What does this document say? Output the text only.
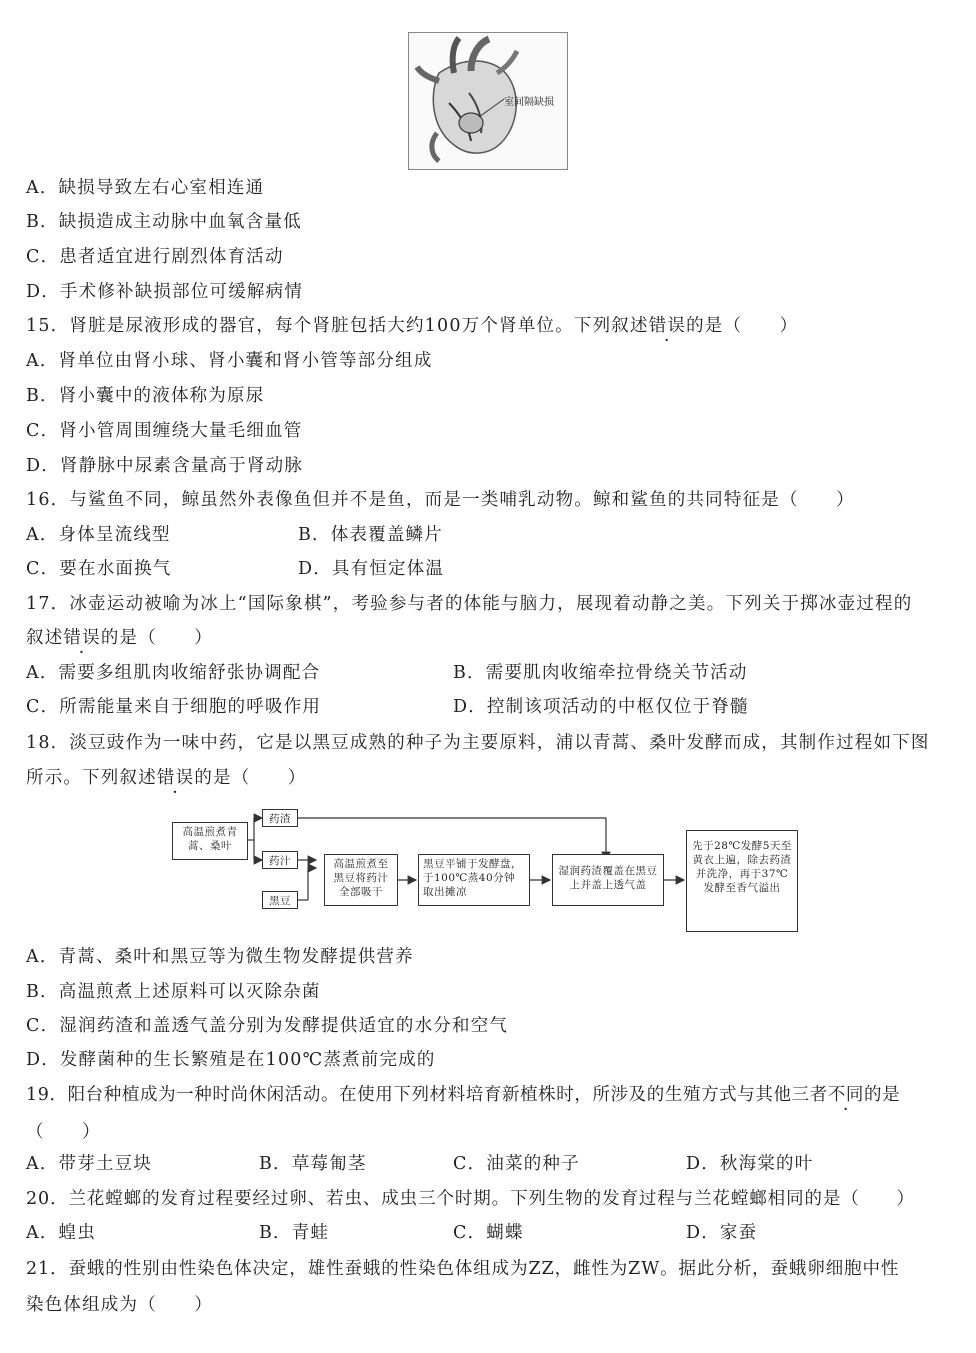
室间隔缺损
A．缺损导致左右心室相连通
B．缺损造成主动脉中血氧含量低
C．患者适宜进行剧烈体育活动
D．手术修补缺损部位可缓解病情
15．肾脏是尿液形成的器官，每个肾脏包括大约100万个肾单位。下列叙述错误的是（　　）
A．肾单位由肾小球、肾小囊和肾小管等部分组成
B．肾小囊中的液体称为原尿
C．肾小管周围缠绕大量毛细血管
D．肾静脉中尿素含量高于肾动脉
16．与鲨鱼不同，鲸虽然外表像鱼但并不是鱼，而是一类哺乳动物。鲸和鲨鱼的共同特征是（　　）
A．身体呈流线型	B．体表覆盖鳞片

C．要在水面换气	D．具有恒定体温

17．冰壶运动被喻为冰上“国际象棋”，考验参与者的体能与脑力，展现着动静之美。下列关于掷冰壶过程的
叙述错误的是（　　）
A．需要多组肌肉收缩舒张协调配合	B．需要肌肉收缩牵拉骨绕关节活动

C．所需能量来自于细胞的呼吸作用	D．控制该项活动的中枢仅位于脊髓

18．淡豆豉作为一味中药，它是以黑豆成熟的种子为主要原料，浦以青蒿、桑叶发酵而成，其制作过程如下图
所示。下列叙述错误的是（　　）
高温煎煮青蒿、桑叶
药渣
药汁
黑豆
高温煎煮至黑豆将药汁全部吸干
黑豆平铺于发酵盘，于100℃蒸40分钟取出摊凉
湿润药渣覆盖在黑豆上并盖上透气盖
先于28℃发酵5天至黄衣上遍，除去药渣并洗净，再于37℃发酵至香气溢出
A．青蒿、桑叶和黑豆等为微生物发酵提供营养
B．高温煎煮上述原料可以灭除杂菌
C．湿润药渣和盖透气盖分别为发酵提供适宜的水分和空气
D．发酵菌种的生长繁殖是在100℃蒸煮前完成的
19．阳台种植成为一种时尚休闲活动。在使用下列材料培育新植株时，所涉及的生殖方式与其他三者不同的是
（　　）
A．带芽土豆块	B．草莓匍茎	C．油菜的种子	D．秋海棠的叶

20．兰花螳螂的发育过程要经过卵、若虫、成虫三个时期。下列生物的发育过程与兰花螳螂相同的是（　　）
A．蝗虫	B．青蛙	C．蝴蝶	D．家蚕

21．蚕蛾的性别由性染色体决定，雄性蚕蛾的性染色体组成为ZZ，雌性为ZW。据此分析，蚕蛾卵细胞中性
染色体组成为（　　）
